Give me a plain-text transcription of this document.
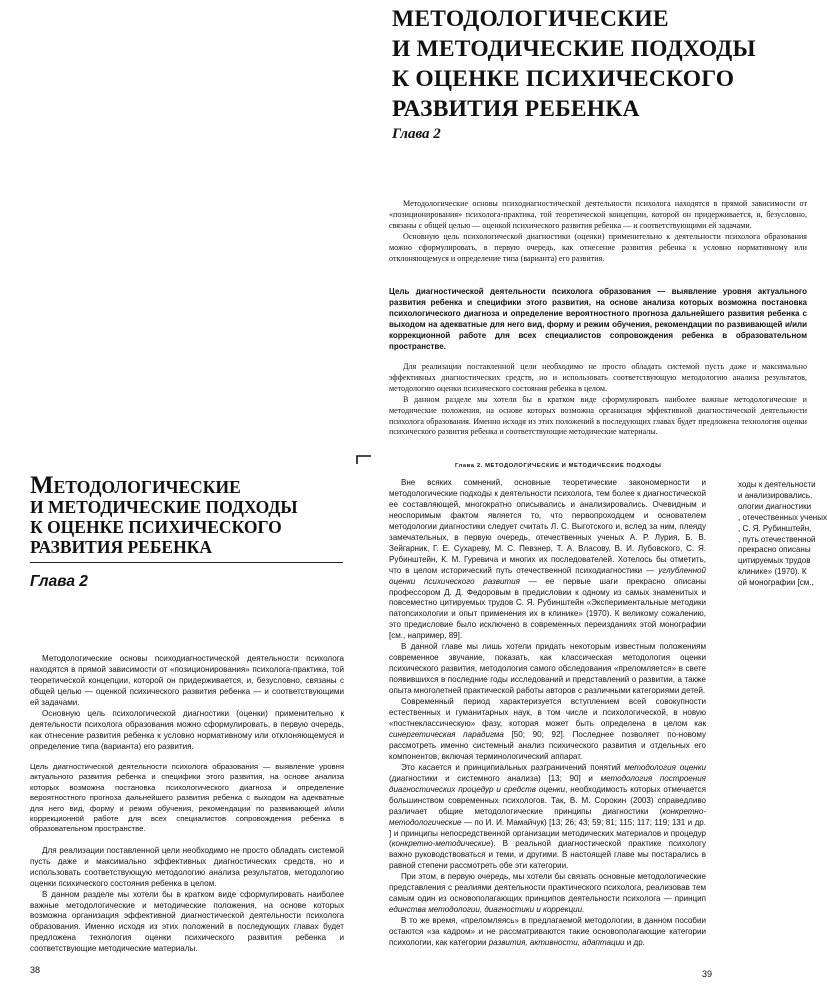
МЕТОДОЛОГИЧЕСКИЕ
И МЕТОДИЧЕСКИЕ ПОДХОДЫ
К ОЦЕНКЕ ПСИХИЧЕСКОГО
РАЗВИТИЯ РЕБЕНКА
Глава 2

Методологические основы психодиагностической деятельности психолога находятся в прямой зависимости от «позиционирования» психолога-практика, той теоретической концепции, которой он придерживается, и, безусловно, связаны с общей целью — оценкой психического развития ребенка — и соответствующими ей задачами.

Основную цель психологической диагностики (оценки) применительно к деятельности психолога образования можно сформулировать, в первую очередь, как отнесение развития ребенка к условно нормативному или отклоняющемуся и определение типа (варианта) его развития.

Цель диагностической деятельности психолога образования — выявление уровня актуального развития ребенка и специфики этого развития, на основе анализа которых возможна постановка психологического диагноза и определение вероятностного прогноза дальнейшего развития ребенка с выходом на адекватные для него вид, форму и режим обучения, рекомендации по развивающей и/или коррекционной работе для всех специалистов сопровождения ребенка в образовательном пространстве.

Для реализации поставленной цели необходимо не просто обладать системой пусть даже и максимально эффективных диагностических средств, но и использовать соответствующую методологию анализа результатов, методологию оценки психического состояния ребенка в целом.

В данном разделе мы хотели бы в кратком виде сформулировать наиболее важные методологические и методические положения, на основе которых возможна организация эффективной диагностической деятельности психолога образования. Именно исходя из этих положений в последующих главах будет предложена технология оценки психического развития ребенка и соответствующие методические материалы.

МЕТОДОЛОГИЧЕСКИЕ
И МЕТОДИЧЕСКИЕ ПОДХОДЫ
К ОЦЕНКЕ ПСИХИЧЕСКОГО
РАЗВИТИЯ РЕБЕНКА
Глава 2

Методологические основы психодиагностической деятельности психолога находятся в прямой зависимости от «позиционирования» психолога-практика, той теоретической концепции, которой он придерживается, и, безусловно, связаны с общей целью — оценкой психического развития ребенка — и соответствующими ей задачами.

Основную цель психологической диагностики (оценки) применительно к деятельности психолога образования можно сформулировать, в первую очередь, как отнесение развития ребенка к условно нормативному или отклоняющемуся и определение типа (варианта) его развития.

Цель диагностической деятельности психолога образования — выявление уровня актуального развития ребенка и специфики этого развития, на основе анализа которых возможна постановка психологического диагноза и определение вероятностного прогноза дальнейшего развития ребенка с выходом на адекватные для него вид, форму и режим обучения, рекомендации по развивающей и/или коррекционной работе для всех специалистов сопровождения ребенка в образовательном пространстве.

Для реализации поставленной цели необходимо не просто обладать системой пусть даже и максимально эффективных диагностических средств, но и использовать соответствующую методологию анализа результатов, методологию оценки психического состояния ребенка в целом.

В данном разделе мы хотели бы в кратком виде сформулировать наиболее важные методологические и методические положения, на основе которых возможна организация эффективной диагностической деятельности психолога образования. Именно исходя из этих положений в последующих главах будет предложена технология оценки психического развития ребенка и соответствующие методические материалы.

38
Глава 2. МЕТОДОЛОГИЧЕСКИЕ И МЕТОДИЧЕСКИЕ ПОДХОДЫ

Вне всяких сомнений, основные теоретические закономерности и методологические подходы к деятельности психолога, тем более к диагностической ее составляющей, многократно описывались и анализировались. Очевидным и неоспоримым фактом является то, что первопроходцем и основателем методологии диагностики следует считать Л. С. Выготского и, вслед за ним, плеяду замечательных, в первую очередь, отечественных ученых А. Р. Лурия, Б. В. Зейгарник, Г. Е. Сухареву, М. С. Певзнер, Т. А. Власову, В. И. Лубовского, С. Я. Рубинштейн, К. М. Гуревича и многих их последователей. Хотелось бы отметить, что в целом исторический путь отечественной психодиагностики — углубленной оценки психического развития — ее первые шаги прекрасно описаны профессором Д. Д. Федоровым в предисловии к одному из самых знаменитых и повсеместно цитируемых трудов С. Я. Рубинштейн «Экспериментальные методики патопсихологии и опыт применения их в клинике» (1970). К великому сожалению, это предисловие было исключено в современных переизданиях этой монографии [см., например, 89].

В данной главе мы лишь хотели придать некоторым известным положениям современное звучание, показать, как классическая методология оценки психического развития, методология самого обследования «преломляется» в свете появившихся в последние годы исследований и представлений о развитии, а также опыта многолетней практической работы авторов с различными категориями детей.

Современный период характеризуется вступлением всей совокупности естественных и гуманитарных наук, в том числе и психологической, в новую «постнеклассическую» фазу, которая может быть определена в целом как синергетическая парадигма [50; 90; 92]. Последнее позволяет по-новому рассмотреть именно системный анализ психического развития и отдельных его компонентов, включая терминологический аппарат.

Это касается и принципиальных разграничений понятий методология оценки (диагностики и системного анализа) [13; 90] и методология построения диагностических процедур и средств оценки, необходимость которых отмечается большинством современных психологов. Так, В. М. Сорокин (2003) справедливо различает общие методологические принципы диагностики (конкретно-методологические — по И. И. Мамайчук) [13; 26; 43; 59; 81; 115; 117; 119; 131 и др. ] и принципы непосредственной организации методических материалов и процедур (конкретно-методические). В реальной диагностической практике психологу важно руководствоваться и теми, и другими. В настоящей главе мы постарались в равной степени рассмотреть обе эти категории.

При этом, в первую очередь, мы хотели бы связать основные методологические представления с реалиями деятельности практического психолога, реализовав тем самым один из основополагающих принципов деятельности психолога — принцип единства методологии, диагностики и коррекции.

В то же время, «преломляясь» в предлагаемой методологии, в данном пособии остаются «за кадром» и не рассматриваются такие основополагающие категории психологии, как категории развития, активности, адаптации и др.

ходы к деятельности
и анализировались.
ологии диагностики
, отечественных ученых
, С. Я. Рубинштейн,
, путь отечественной
прекрасно описаны
цитируемых трудов
клинике» (1970). К
ой монографии [см.,
39
